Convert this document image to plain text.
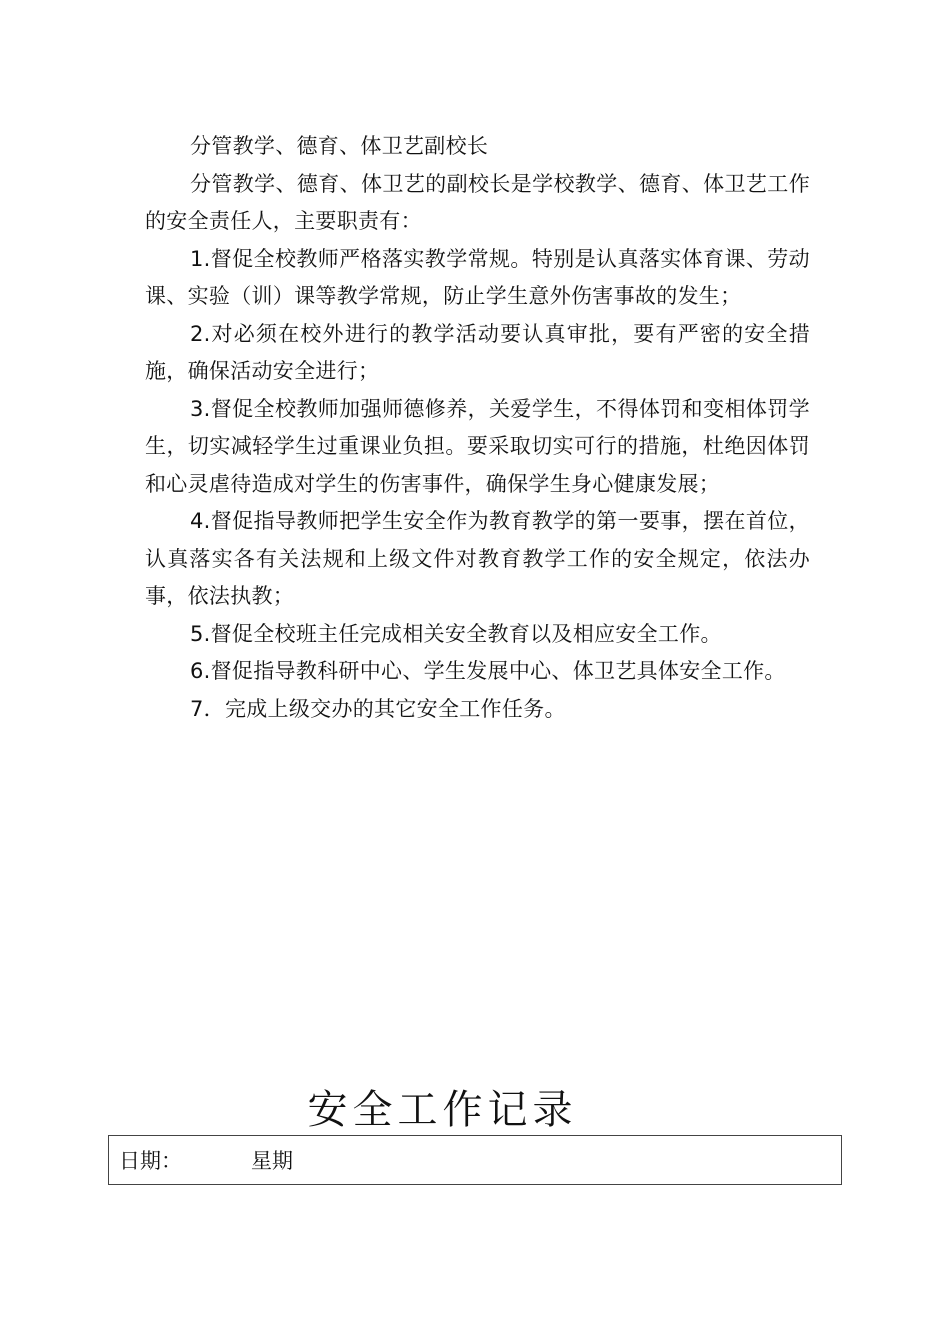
分管教学、德育、体卫艺副校长

分管教学、德育、体卫艺的副校长是学校教学、德育、体卫艺工作的安全责任人，主要职责有：

1.督促全校教师严格落实教学常规。特别是认真落实体育课、劳动课、实验（训）课等教学常规，防止学生意外伤害事故的发生；

2.对必须在校外进行的教学活动要认真审批，要有严密的安全措施，确保活动安全进行；

3.督促全校教师加强师德修养，关爱学生，不得体罚和变相体罚学生，切实减轻学生过重课业负担。要采取切实可行的措施，杜绝因体罚和心灵虐待造成对学生的伤害事件，确保学生身心健康发展；

4.督促指导教师把学生安全作为教育教学的第一要事，摆在首位，认真落实各有关法规和上级文件对教育教学工作的安全规定，依法办事，依法执教；

5.督促全校班主任完成相关安全教育以及相应安全工作。

6.督促指导教科研中心、学生发展中心、体卫艺具体安全工作。

7．完成上级交办的其它安全工作任务。

安全工作记录
日期：	星期
